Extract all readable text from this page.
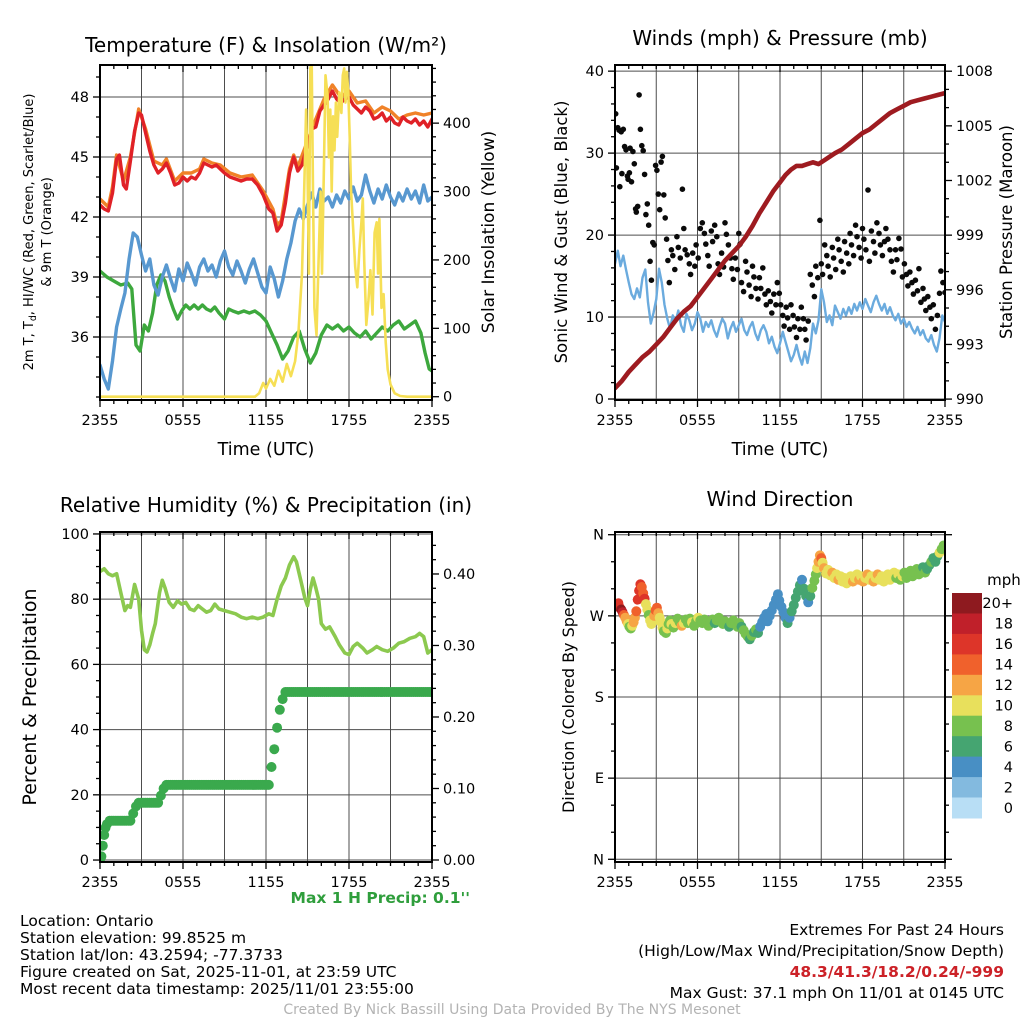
2355	0555	1155	1755	2355
36
39
42
45
48
0
100
200
300
400
Temperature (F) & Insolation (W/m²)
Time (UTC)
2m T, $T_d$, HI/WC (Red, Green, Scarlet/Blue) & 9m T (Orange)	Solar Insolation (Yellow)
2355	0555	1155	1755	2355
0
10
20
30
40
990
993
996
999
1002
1005
1008
Winds (mph) & Pressure (mb)
Time (UTC)
Sonic Wind & Gust (Blue, Black)	Station Pressure (Maroon)
2355	0555	1155	1755	2355
0
20
40
60
80
100
0.00
0.10
0.20
0.30
0.40
Relative Humidity (%) & Precipitation (in)
Percent & Precipitation
2355	0555	1155	1755	2355
N
E
S
W
N
Wind Direction
Direction (Colored By Speed)	20+
18
16
14
12
10
8
6
4
2
0
mph
Location: Ontario
Station elevation: 99.8525 m
Station lat/lon: 43.2594; -77.3733
Figure created on Sat, 2025-11-01, at 23:59 UTC
Most recent data timestamp: 2025/11/01 23:55:00
Max 1 H Precip: 0.1''
Extremes For Past 24 Hours
(High/Low/Max Wind/Precipitation/Snow Depth)
48.3/41.3/18.2/0.24/-999
Max Gust: 37.1 mph On 11/01 at 0145 UTC
Created By Nick Bassill Using Data Provided By The NYS Mesonet
